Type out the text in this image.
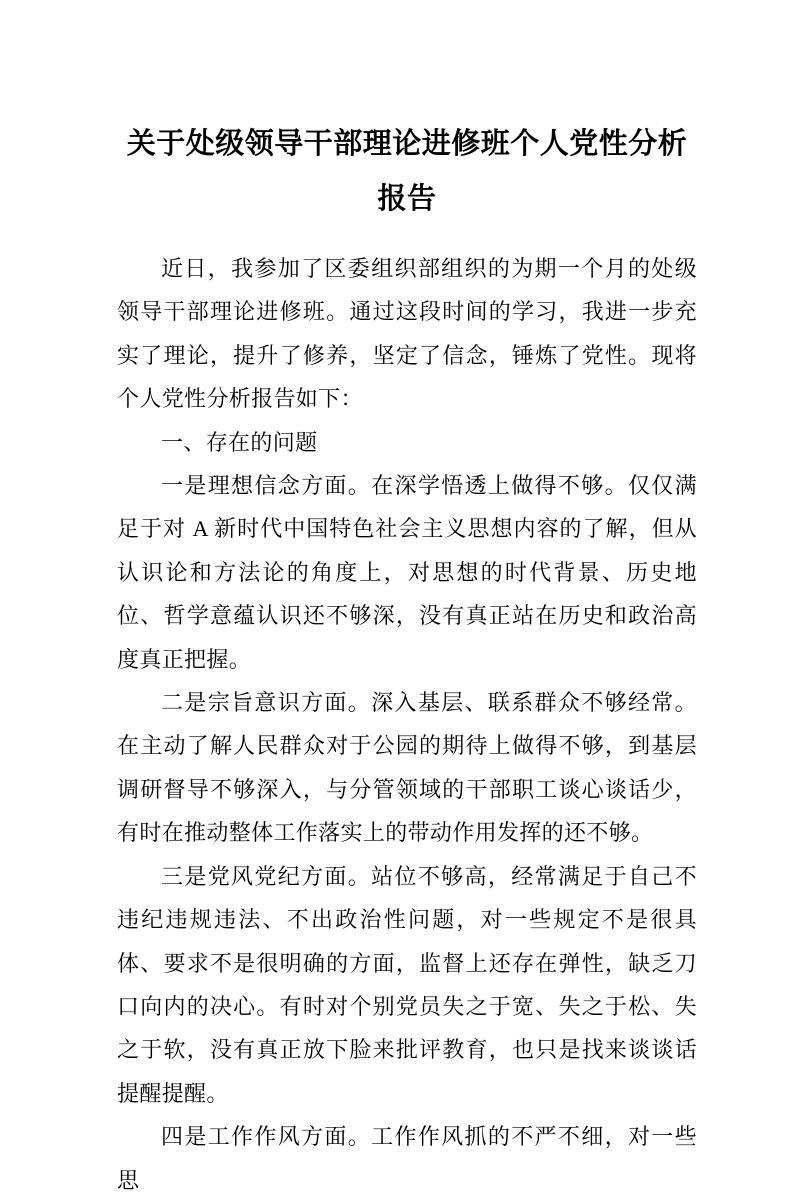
关于处级领导干部理论进修班个人党性分析报告

近日，我参加了区委组织部组织的为期一个月的处级领导干部理论进修班。通过这段时间的学习，我进一步充实了理论，提升了修养，坚定了信念，锤炼了党性。现将个人党性分析报告如下：

一、存在的问题

一是理想信念方面。在深学悟透上做得不够。仅仅满足于对 A 新时代中国特色社会主义思想内容的了解，但从认识论和方法论的角度上，对思想的时代背景、历史地位、哲学意蕴认识还不够深，没有真正站在历史和政治高度真正把握。

二是宗旨意识方面。深入基层、联系群众不够经常。在主动了解人民群众对于公园的期待上做得不够，到基层调研督导不够深入，与分管领域的干部职工谈心谈话少，有时在推动整体工作落实上的带动作用发挥的还不够。

三是党风党纪方面。站位不够高，经常满足于自己不违纪违规违法、不出政治性问题，对一些规定不是很具体、要求不是很明确的方面，监督上还存在弹性，缺乏刀口向内的决心。有时对个别党员失之于宽、失之于松、失之于软，没有真正放下脸来批评教育，也只是找来谈谈话提醒提醒。

四是工作作风方面。工作作风抓的不严不细，对一些思
